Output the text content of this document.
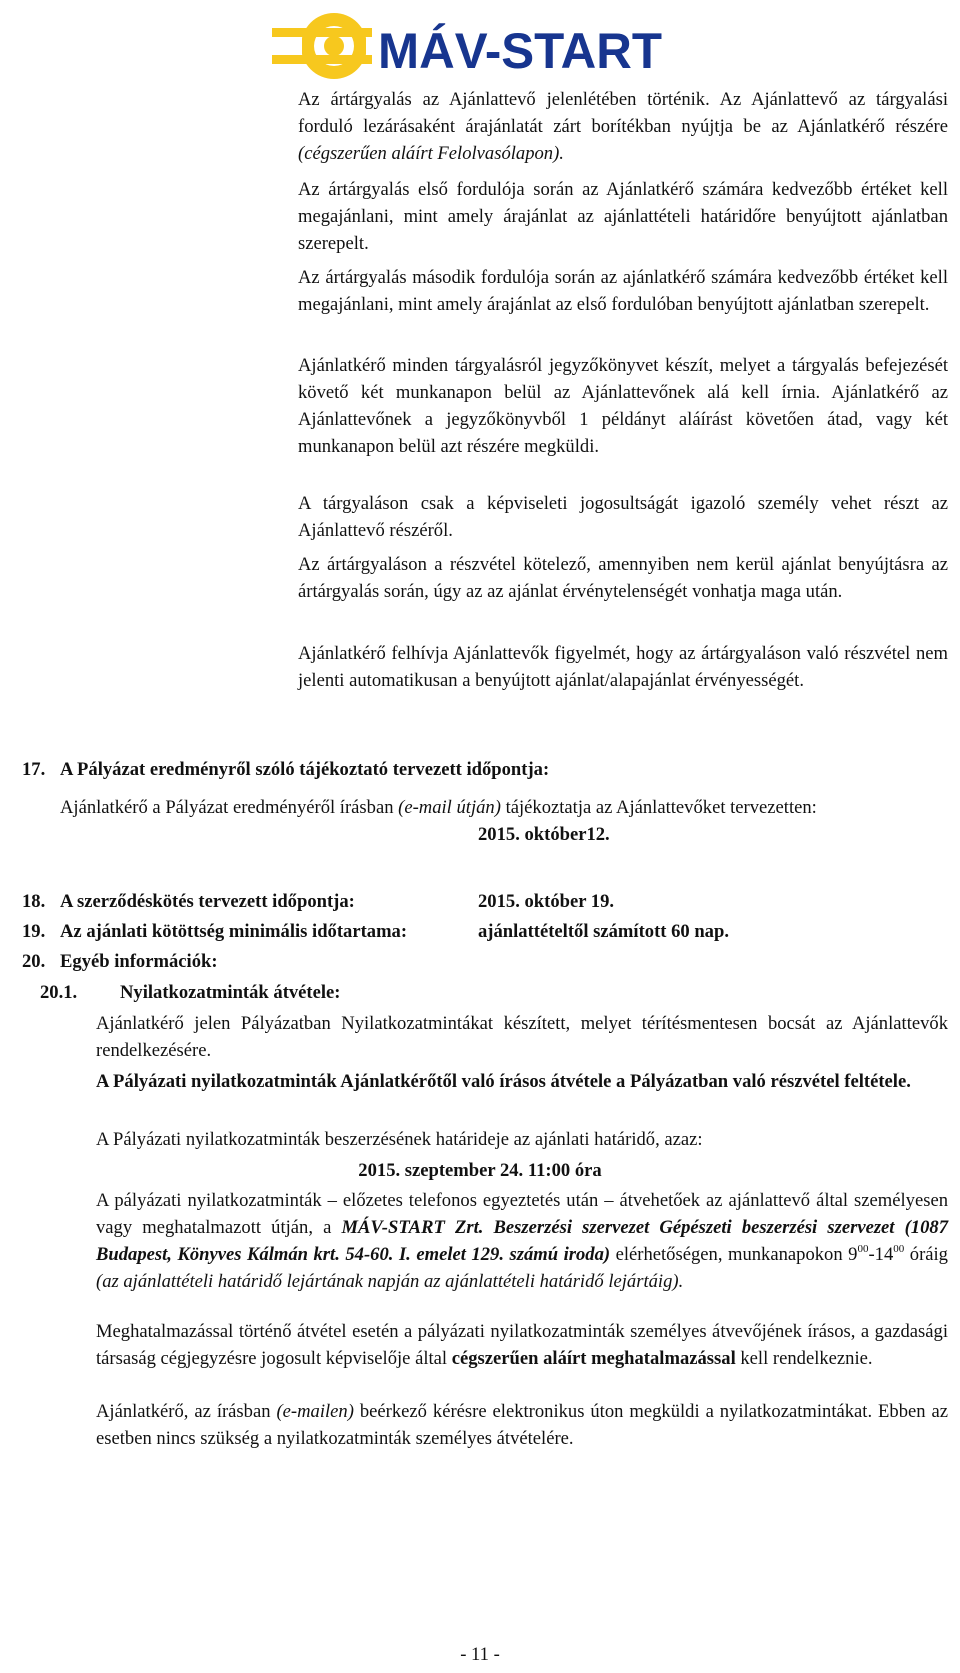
MÁV-START
Az ártárgyalás az Ajánlattevő jelenlétében történik. Az Ajánlattevő az tárgyalási forduló lezárásaként árajánlatát zárt borítékban nyújtja be az Ajánlatkérő részére (cégszerűen aláírt Felolvasólapon).
Az ártárgyalás első fordulója során az Ajánlatkérő számára kedvezőbb értéket kell megajánlani, mint amely árajánlat az ajánlattételi határidőre benyújtott ajánlatban szerepelt.
Az ártárgyalás második fordulója során az ajánlatkérő számára kedvezőbb értéket kell megajánlani, mint amely árajánlat az első fordulóban benyújtott ajánlatban szerepelt.
Ajánlatkérő minden tárgyalásról jegyzőkönyvet készít, melyet a tárgyalás befejezését követő két munkanapon belül az Ajánlattevőnek alá kell írnia. Ajánlatkérő az Ajánlattevőnek a jegyzőkönyvből 1 példányt aláírást követően átad, vagy két munkanapon belül azt részére megküldi.
A tárgyaláson csak a képviseleti jogosultságát igazoló személy vehet részt az Ajánlattevő részéről.
Az ártárgyaláson a részvétel kötelező, amennyiben nem kerül ajánlat benyújtásra az ártárgyalás során, úgy az az ajánlat érvénytelenségét vonhatja maga után.
Ajánlatkérő felhívja Ajánlattevők figyelmét, hogy az ártárgyaláson való részvétel nem jelenti automatikusan a benyújtott ajánlat/alapajánlat érvényességét.
17. A Pályázat eredményről szóló tájékoztató tervezett időpontja:
Ajánlatkérő a Pályázat eredményéről írásban (e-mail útján) tájékoztatja az Ajánlattevőket tervezetten:
2015. október12.
18. A szerződéskötés tervezett időpontja:	2015. október 19.
19. Az ajánlati kötöttség minimális időtartama:	ajánlattételtől számított 60 nap.
20. Egyéb információk:
20.1. Nyilatkozatminták átvétele:
Ajánlatkérő jelen Pályázatban Nyilatkozatmintákat készített, melyet térítésmentesen bocsát az Ajánlattevők rendelkezésére.
A Pályázati nyilatkozatminták Ajánlatkérőtől való írásos átvétele a Pályázatban való részvétel feltétele.
A Pályázati nyilatkozatminták beszerzésének határideje az ajánlati határidő, azaz:
2015. szeptember 24. 11:00 óra
A pályázati nyilatkozatminták – előzetes telefonos egyeztetés után – átvehetőek az ajánlattevő által személyesen vagy meghatalmazott útján, a MÁV-START Zrt. Beszerzési szervezet Gépészeti beszerzési szervezet (1087 Budapest, Könyves Kálmán krt. 54-60. I. emelet 129. számú iroda) elérhetőségen, munkanapokon $9^{00}-14^{00}$ óráig (az ajánlattételi határidő lejártának napján az ajánlattételi határidő lejártáig).
Meghatalmazással történő átvétel esetén a pályázati nyilatkozatminták személyes átvevőjének írásos, a gazdasági társaság cégjegyzésre jogosult képviselője által cégszerűen aláírt meghatalmazással kell rendelkeznie.
Ajánlatkérő, az írásban (e-mailen) beérkező kérésre elektronikus úton megküldi a nyilatkozatmintákat. Ebben az esetben nincs szükség a nyilatkozatminták személyes átvételére.
- 11 -
